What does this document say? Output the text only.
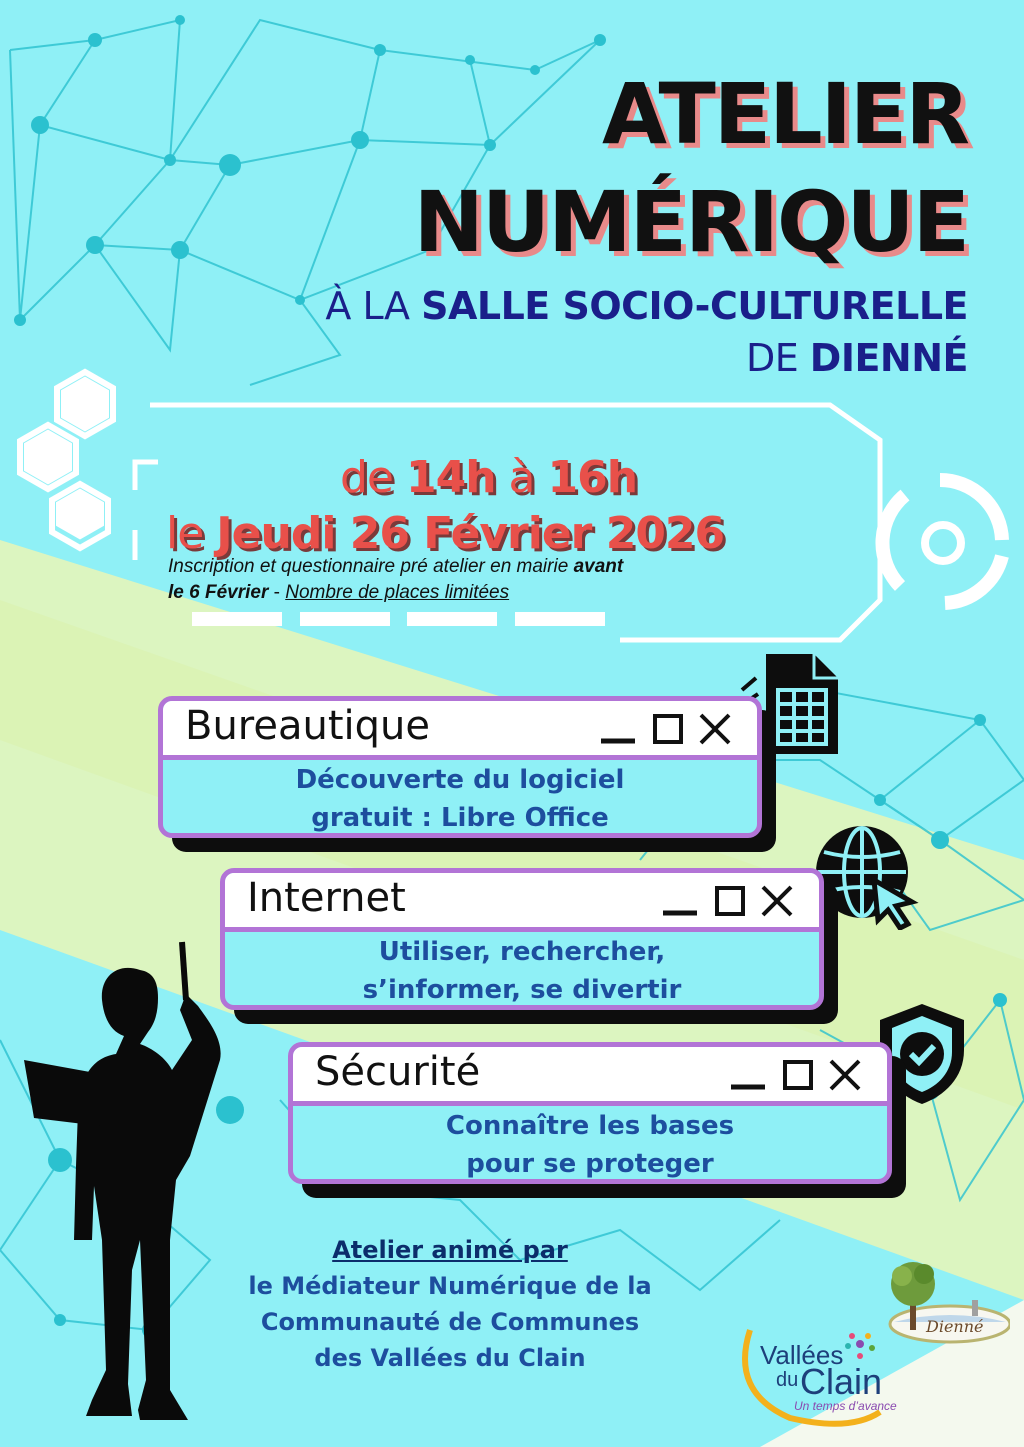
ATELIER
NUMÉRIQUE
À LA SALLE SOCIO-CULTURELLE
DE DIENNÉ
de 14h à 16h
le Jeudi 26 Février 2026
Inscription et questionnaire pré atelier en mairie avant
le 6 Février - Nombre de places limitées
Bureautique
Découverte du logiciel
gratuit : Libre Office
Internet
Utiliser, rechercher,
s’informer, se divertir
Sécurité
Connaître les bases
pour se proteger
Atelier animé par
le Médiateur Numérique de la
Communauté de Communes
des Vallées du Clain	Vallées
du Clain
Un temps d’avance
Dienné
